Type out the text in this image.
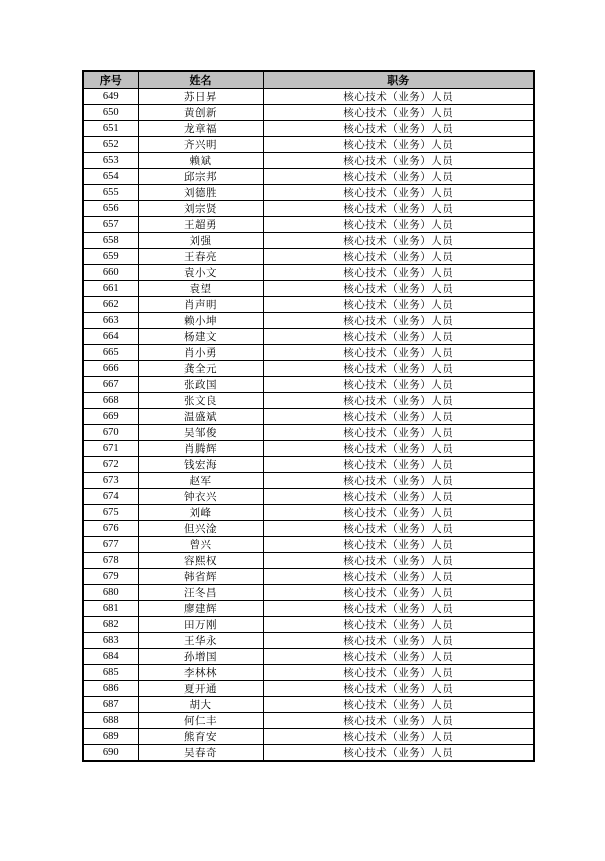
序号	姓名	职务
649	苏日昇	核心技术（业务）人员
650	黄创新	核心技术（业务）人员
651	龙章福	核心技术（业务）人员
652	齐兴明	核心技术（业务）人员
653	赖斌	核心技术（业务）人员
654	邱宗邦	核心技术（业务）人员
655	刘德胜	核心技术（业务）人员
656	刘宗贤	核心技术（业务）人员
657	王超勇	核心技术（业务）人员
658	刘强	核心技术（业务）人员
659	王春亮	核心技术（业务）人员
660	袁小文	核心技术（业务）人员
661	袁望	核心技术（业务）人员
662	肖声明	核心技术（业务）人员
663	赖小坤	核心技术（业务）人员
664	杨建文	核心技术（业务）人员
665	肖小勇	核心技术（业务）人员
666	龚全元	核心技术（业务）人员
667	张政国	核心技术（业务）人员
668	张文良	核心技术（业务）人员
669	温盛斌	核心技术（业务）人员
670	吴邹俊	核心技术（业务）人员
671	肖腾辉	核心技术（业务）人员
672	钱宏海	核心技术（业务）人员
673	赵军	核心技术（业务）人员
674	钟衣兴	核心技术（业务）人员
675	刘峰	核心技术（业务）人员
676	但兴淦	核心技术（业务）人员
677	曾兴	核心技术（业务）人员
678	容熙权	核心技术（业务）人员
679	韩省辉	核心技术（业务）人员
680	汪冬昌	核心技术（业务）人员
681	廖建辉	核心技术（业务）人员
682	田万刚	核心技术（业务）人员
683	王华永	核心技术（业务）人员
684	孙增国	核心技术（业务）人员
685	李林林	核心技术（业务）人员
686	夏开通	核心技术（业务）人员
687	胡大	核心技术（业务）人员
688	何仁丰	核心技术（业务）人员
689	熊育安	核心技术（业务）人员
690	吴春奇	核心技术（业务）人员
